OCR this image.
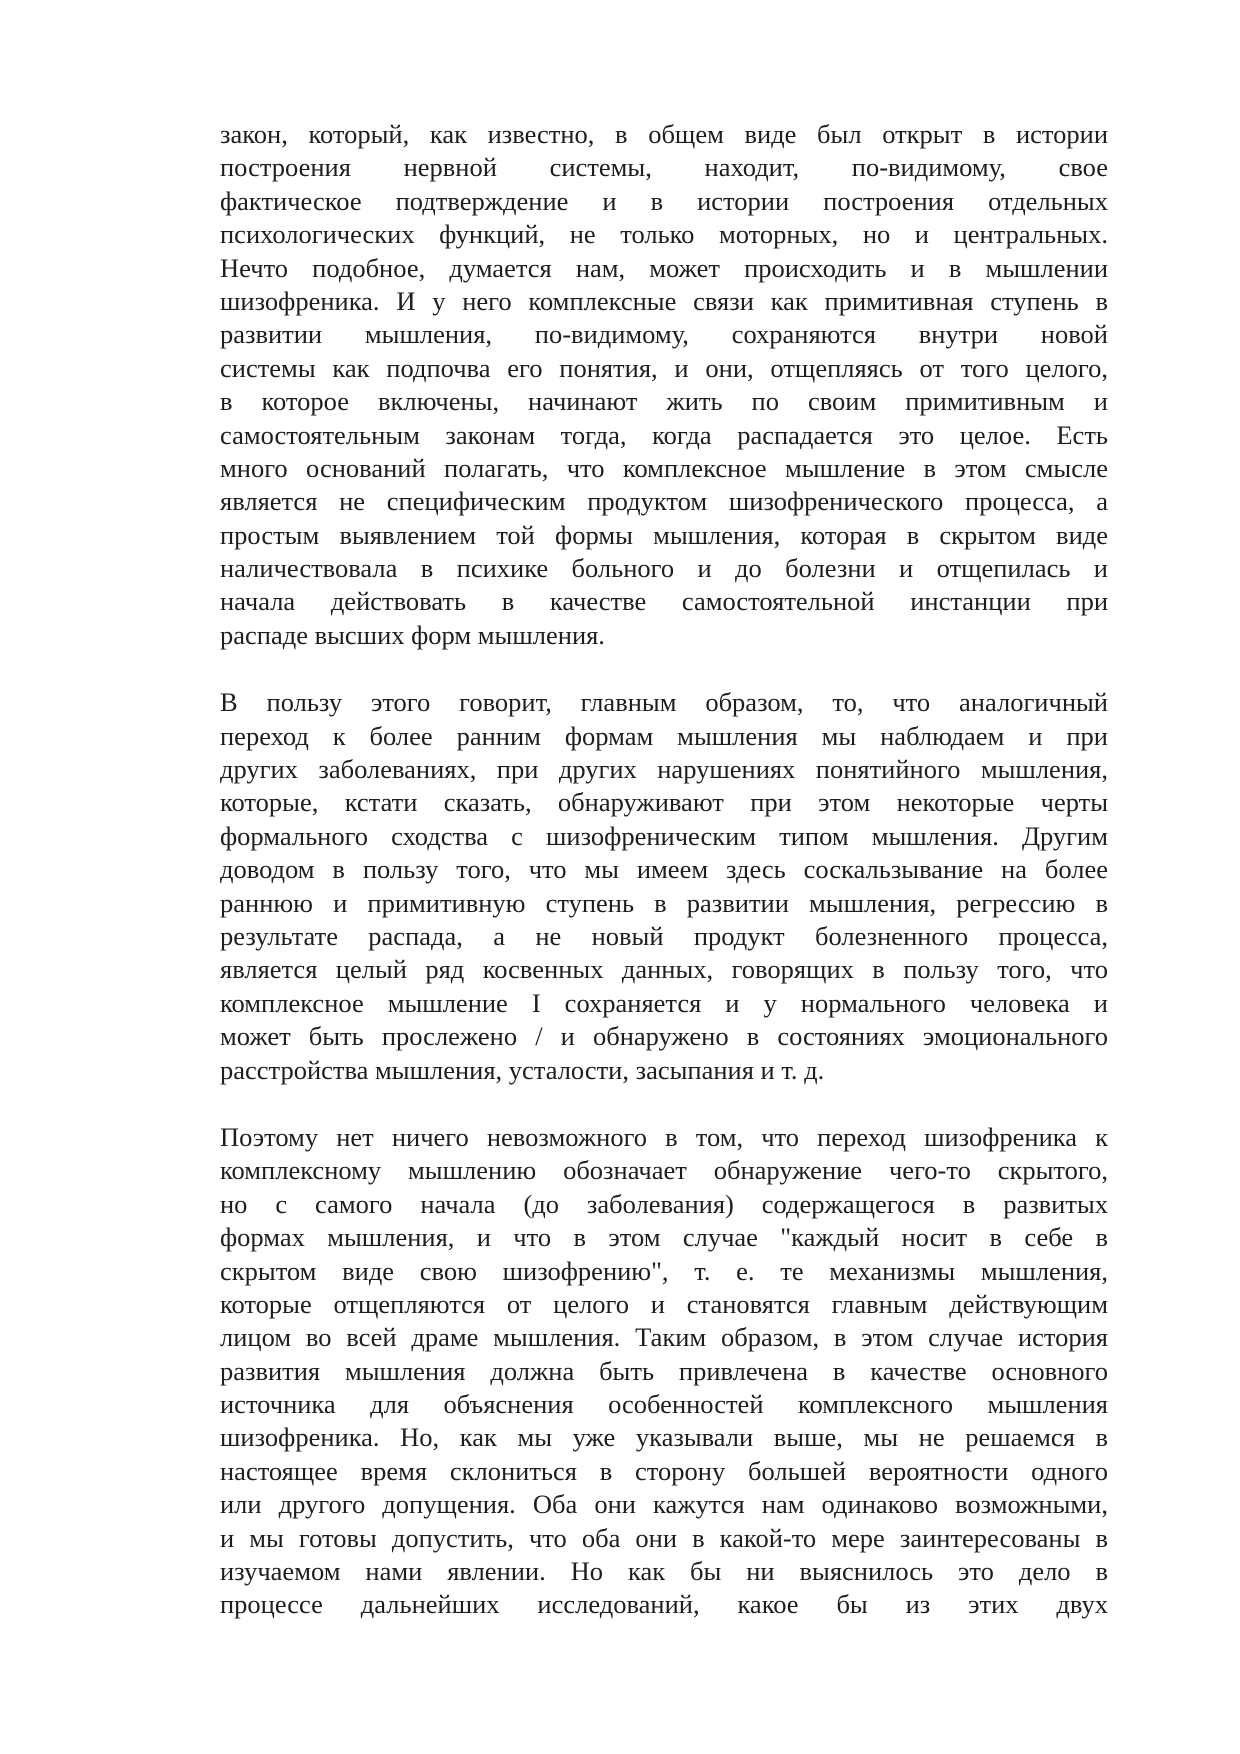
закон, который, как известно, в общем виде был открыт в истории
построения нервной системы, находит, по-видимому, свое
фактическое подтверждение и в истории построения отдельных
психологических функций, не только моторных, но и центральных.
Нечто подобное, думается нам, может происходить и в мышлении
шизофреника. И у него комплексные связи как примитивная ступень в
развитии мышления, по-видимому, сохраняются внутри новой
системы как подпочва его понятия, и они, отщепляясь от того целого,
в которое включены, начинают жить по своим примитивным и
самостоятельным законам тогда, когда распадается это целое. Есть
много оснований полагать, что комплексное мышление в этом смысле
является не специфическим продуктом шизофренического процесса, а
простым выявлением той формы мышления, которая в скрытом виде
наличествовала в психике больного и до болезни и отщепилась и
начала действовать в качестве самостоятельной инстанции при
распаде высших форм мышления.
В пользу этого говорит, главным образом, то, что аналогичный
переход к более ранним формам мышления мы наблюдаем и при
других заболеваниях, при других нарушениях понятийного мышления,
которые, кстати сказать, обнаруживают при этом некоторые черты
формального сходства с шизофреническим типом мышления. Другим
доводом в пользу того, что мы имеем здесь соскальзывание на более
раннюю и примитивную ступень в развитии мышления, регрессию в
результате распада, а не новый продукт болезненного процесса,
является целый ряд косвенных данных, говорящих в пользу того, что
комплексное мышление I сохраняется и у нормального человека и
может быть прослежено / и обнаружено в состояниях эмоционального
расстройства мышления, усталости, засыпания и т. д.
Поэтому нет ничего невозможного в том, что переход шизофреника к
комплексному мышлению обозначает обнаружение чего-то скрытого,
но с самого начала (до заболевания) содержащегося в развитых
формах мышления, и что в этом случае "каждый носит в себе в
скрытом виде свою шизофрению", т. е. те механизмы мышления,
которые отщепляются от целого и становятся главным действующим
лицом во всей драме мышления. Таким образом, в этом случае история
развития мышления должна быть привлечена в качестве основного
источника для объяснения особенностей комплексного мышления
шизофреника. Но, как мы уже указывали выше, мы не решаемся в
настоящее время склониться в сторону большей вероятности одного
или другого допущения. Оба они кажутся нам одинаково возможными,
и мы готовы допустить, что оба они в какой-то мере заинтересованы в
изучаемом нами явлении. Но как бы ни выяснилось это дело в
процессе дальнейших исследований, какое бы из этих двух
